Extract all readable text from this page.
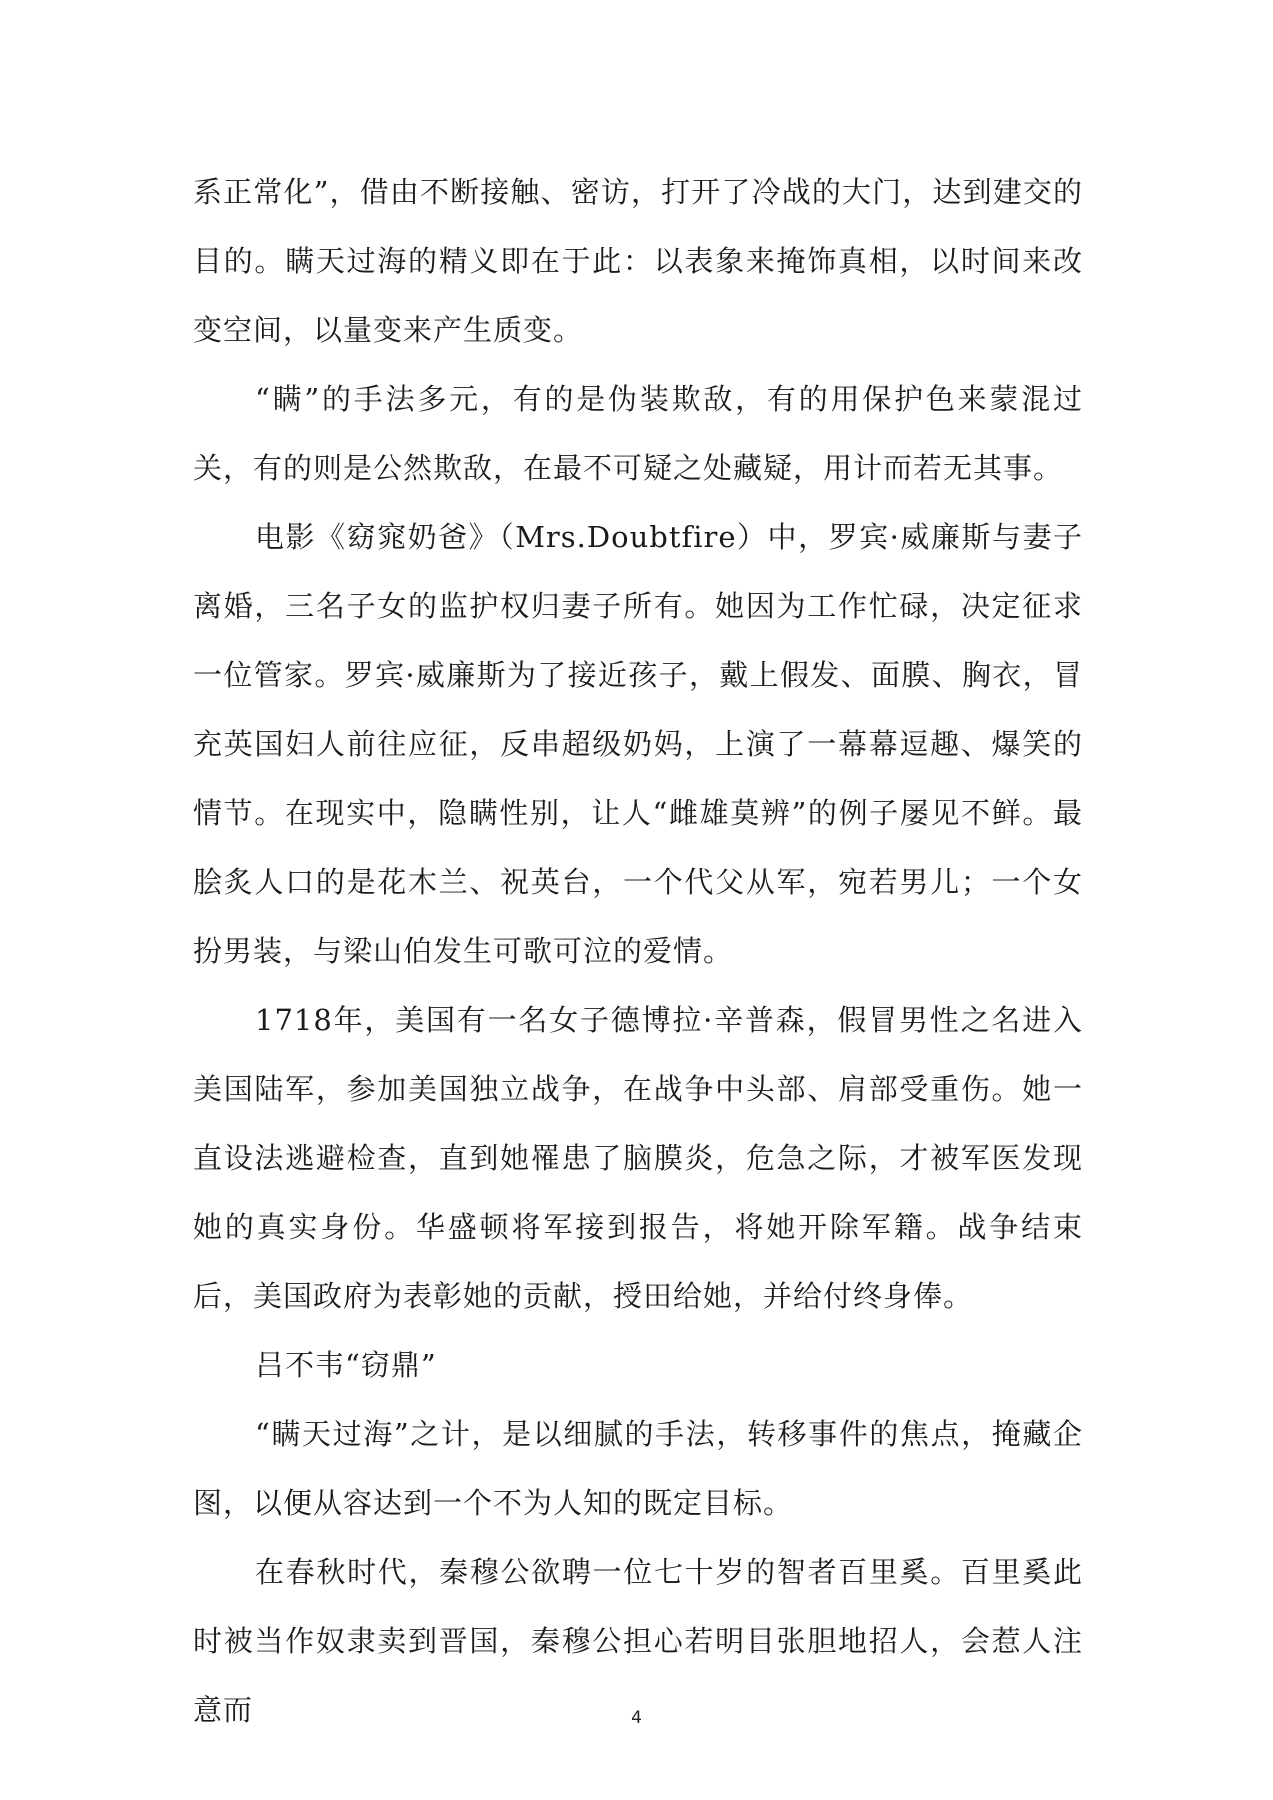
系正常化”，借由不断接触、密访，打开了冷战的大门，达到建交的目的。瞒天过海的精义即在于此：以表象来掩饰真相，以时间来改变空间，以量变来产生质变。

“瞒”的手法多元，有的是伪装欺敌，有的用保护色来蒙混过关，有的则是公然欺敌，在最不可疑之处藏疑，用计而若无其事。

电影《窈窕奶爸》（Mrs.Doubtfire）中，罗宾·威廉斯与妻子离婚，三名子女的监护权归妻子所有。她因为工作忙碌，决定征求一位管家。罗宾·威廉斯为了接近孩子，戴上假发、面膜、胸衣，冒充英国妇人前往应征，反串超级奶妈，上演了一幕幕逗趣、爆笑的情节。在现实中，隐瞒性别，让人“雌雄莫辨”的例子屡见不鲜。最脍炙人口的是花木兰、祝英台，一个代父从军，宛若男儿；一个女扮男装，与梁山伯发生可歌可泣的爱情。

1718年，美国有一名女子德博拉·辛普森，假冒男性之名进入美国陆军，参加美国独立战争，在战争中头部、肩部受重伤。她一直设法逃避检查，直到她罹患了脑膜炎，危急之际，才被军医发现她的真实身份。华盛顿将军接到报告，将她开除军籍。战争结束后，美国政府为表彰她的贡献，授田给她，并给付终身俸。

吕不韦“窃鼎”

“瞒天过海”之计，是以细腻的手法，转移事件的焦点，掩藏企图，以便从容达到一个不为人知的既定目标。

在春秋时代，秦穆公欲聘一位七十岁的智者百里奚。百里奚此时被当作奴隶卖到晋国，秦穆公担心若明目张胆地招人，会惹人注意而	4
